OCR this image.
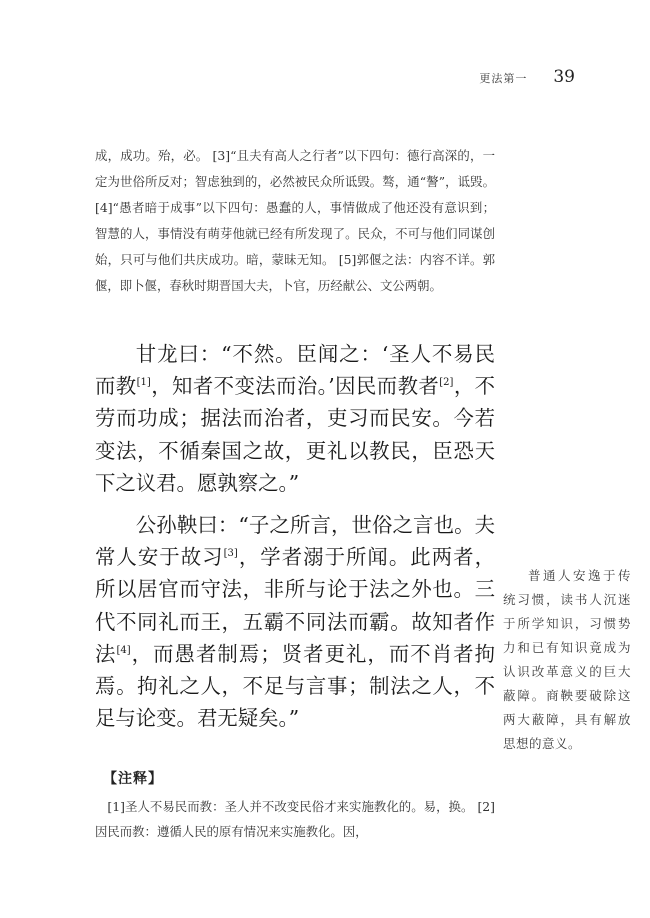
更法第一 39

成，成功。殆，必。 [3]“且夫有高人之行者”以下四句：德行高深的，一定为世俗所反对；智虑独到的，必然被民众所诋毁。骜，通“謷”，诋毁。 [4]“愚者暗于成事”以下四句：愚蠢的人，事情做成了他还没有意识到；智慧的人，事情没有萌芽他就已经有所发现了。民众，不可与他们同谋创始，只可与他们共庆成功。暗，蒙昧无知。 [5]郭偃之法：内容不详。郭偃，即卜偃，春秋时期晋国大夫，卜官，历经献公、文公两朝。

甘龙曰：“不然。臣闻之：‘圣人不易民而教[1]，知者不变法而治。’因民而教者[2]，不劳而功成；据法而治者，吏习而民安。今若变法，不循秦国之故，更礼以教民，臣恐天下之议君。愿孰察之。”

公孙鞅曰：“子之所言，世俗之言也。夫常人安于故习[3]，学者溺于所闻。此两者，所以居官而守法，非所与论于法之外也。三代不同礼而王，五霸不同法而霸。故知者作法[4]，而愚者制焉；贤者更礼，而不肖者拘焉。拘礼之人，不足与言事；制法之人，不足与论变。君无疑矣。”

普通人安逸于传统习惯，读书人沉迷于所学知识，习惯势力和已有知识竟成为认识改革意义的巨大蔽障。商鞅要破除这两大蔽障，具有解放思想的意义。
【注释】

[1]圣人不易民而教：圣人并不改变民俗才来实施教化的。易，换。 [2]因民而教：遵循人民的原有情况来实施教化。因，
